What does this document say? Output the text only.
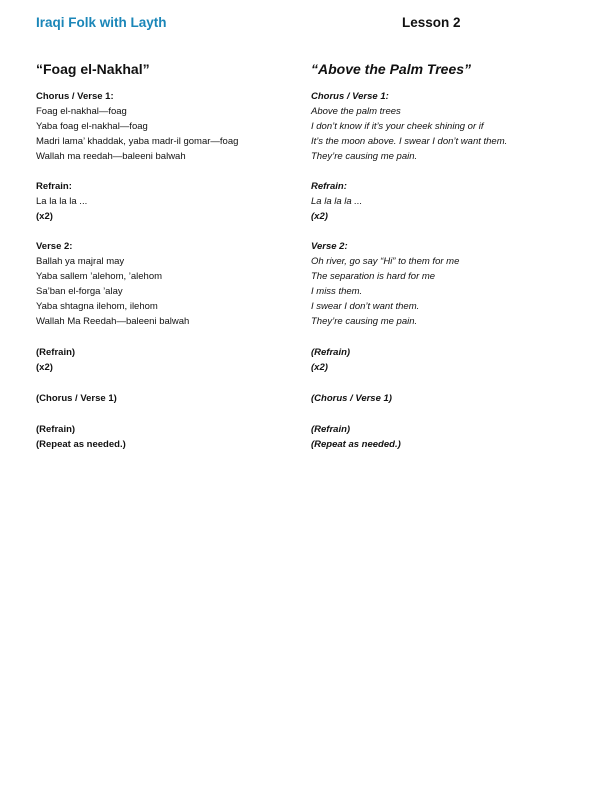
Iraqi Folk with Layth	Lesson 2
“Foag el-Nakhal”
Chorus / Verse 1:
Foag el-nakhal—foag
Yaba foag el-nakhal—foag
Madri lama’ khaddak, yaba madr-il gomar—foag
Wallah ma reedah—baleeni balwah
Refrain:
La la la la ...
(x2)
Verse 2:
Ballah ya majral may
Yaba sallem ’alehom, ’alehom
Sa’ban el-forga ’alay
Yaba shtagna ilehom, ilehom
Wallah Ma Reedah—baleeni balwah
(Refrain)
(x2)
(Chorus / Verse 1)
(Refrain)
(Repeat as needed.)
“Above the Palm Trees”
Chorus / Verse 1:
Above the palm trees
I don’t know if it’s your cheek shining or if
It’s the moon above. I swear I don’t want them.
They’re causing me pain.
Refrain:
La la la la ...
(x2)
Verse 2:
Oh river, go say “Hi” to them for me
The separation is hard for me
I miss them.
I swear I don’t want them.
They’re causing me pain.
(Refrain)
(x2)
(Chorus / Verse 1)
(Refrain)
(Repeat as needed.)
